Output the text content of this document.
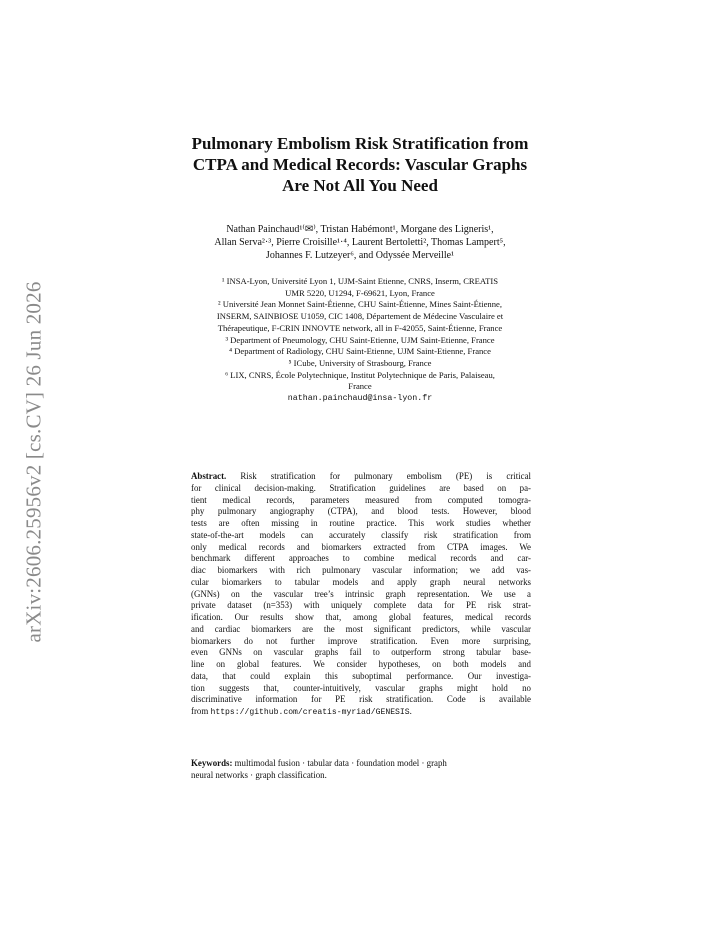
arXiv:2606.25956v2 [cs.CV] 26 Jun 2026
Pulmonary Embolism Risk Stratification from
CTPA and Medical Records: Vascular Graphs
Are Not All You Need
Nathan Painchaud¹⁽✉⁾, Tristan Habémont¹, Morgane des Ligneris¹,
Allan Serva²·³, Pierre Croisille¹·⁴, Laurent Bertoletti², Thomas Lampert⁵,
Johannes F. Lutzeyer⁶, and Odyssée Merveille¹
¹ INSA-Lyon, Université Lyon 1, UJM-Saint Etienne, CNRS, Inserm, CREATIS
UMR 5220, U1294, F-69621, Lyon, France
² Université Jean Monnet Saint-Étienne, CHU Saint-Étienne, Mines Saint-Étienne,
INSERM, SAINBIOSE U1059, CIC 1408, Département de Médecine Vasculaire et
Thérapeutique, F-CRIN INNOVTE network, all in F-42055, Saint-Étienne, France
³ Department of Pneumology, CHU Saint-Etienne, UJM Saint-Etienne, France
⁴ Department of Radiology, CHU Saint-Etienne, UJM Saint-Etienne, France
⁵ ICube, University of Strasbourg, France
⁶ LIX, CNRS, École Polytechnique, Institut Polytechnique de Paris, Palaiseau,
France
nathan.painchaud@insa-lyon.fr
Abstract. Risk stratification for pulmonary embolism (PE) is critical
for clinical decision-making. Stratification guidelines are based on pa-
tient medical records, parameters measured from computed tomogra-
phy pulmonary angiography (CTPA), and blood tests. However, blood
tests are often missing in routine practice. This work studies whether
state-of-the-art models can accurately classify risk stratification from
only medical records and biomarkers extracted from CTPA images. We
benchmark different approaches to combine medical records and car-
diac biomarkers with rich pulmonary vascular information; we add vas-
cular biomarkers to tabular models and apply graph neural networks
(GNNs) on the vascular tree’s intrinsic graph representation. We use a
private dataset (n=353) with uniquely complete data for PE risk strat-
ification. Our results show that, among global features, medical records
and cardiac biomarkers are the most significant predictors, while vascular
biomarkers do not further improve stratification. Even more surprising,
even GNNs on vascular graphs fail to outperform strong tabular base-
line on global features. We consider hypotheses, on both models and
data, that could explain this suboptimal performance. Our investiga-
tion suggests that, counter-intuitively, vascular graphs might hold no
discriminative information for PE risk stratification. Code is available
from https://github.com/creatis-myriad/GENESIS.
Keywords: multimodal fusion · tabular data · foundation model · graph
neural networks · graph classification.
